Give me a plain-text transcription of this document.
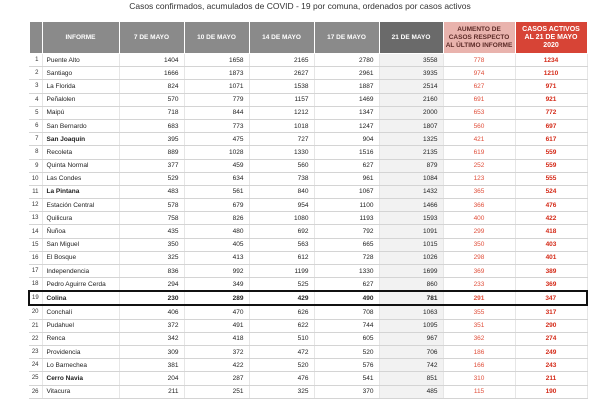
Casos confirmados, acumulados de COVID - 19 por comuna, ordenados por casos activos
	INFORME	7 DE MAYO	10 DE MAYO	14 DE MAYO	17 DE MAYO	21 DE MAYO	AUMENTO DE CASOS RESPECTO AL ÚLTIMO INFORME	CASOS ACTIVOS AL 21 DE MAYO 2020
1	Puente Alto	1404	1658	2165	2780	3558	778	1234
2	Santiago	1666	1873	2627	2961	3935	974	1210
3	La Florida	824	1071	1538	1887	2514	627	971
4	Peñalolen	570	779	1157	1469	2160	691	921
5	Maipú	718	844	1212	1347	2000	653	772
6	San Bernardo	683	773	1018	1247	1807	560	697
7	San Joaquín	395	475	727	904	1325	421	617
8	Recoleta	889	1028	1330	1516	2135	619	559
9	Quinta Normal	377	459	560	627	879	252	559
10	Las Condes	529	634	738	961	1084	123	555
11	La Pintana	483	561	840	1067	1432	365	524
12	Estación Central	578	679	954	1100	1466	366	476
13	Quilicura	758	826	1080	1193	1593	400	422
14	Ñuñoa	435	480	692	792	1091	299	418
15	San Miguel	350	405	563	665	1015	350	403
16	El Bosque	325	413	612	728	1026	298	401
17	Independencia	836	992	1199	1330	1699	369	389
18	Pedro Aguirre Cerda	294	349	525	627	860	233	369
19	Colina	230	289	429	490	781	291	347
20	Conchalí	406	470	626	708	1063	355	317
21	Pudahuel	372	491	622	744	1095	351	290
22	Renca	342	418	510	605	967	362	274
23	Providencia	309	372	472	520	706	186	249
24	Lo Barnechea	381	422	520	576	742	166	243
25	Cerro Navia	204	287	476	541	851	310	211
26	Vitacura	211	251	325	370	485	115	190
